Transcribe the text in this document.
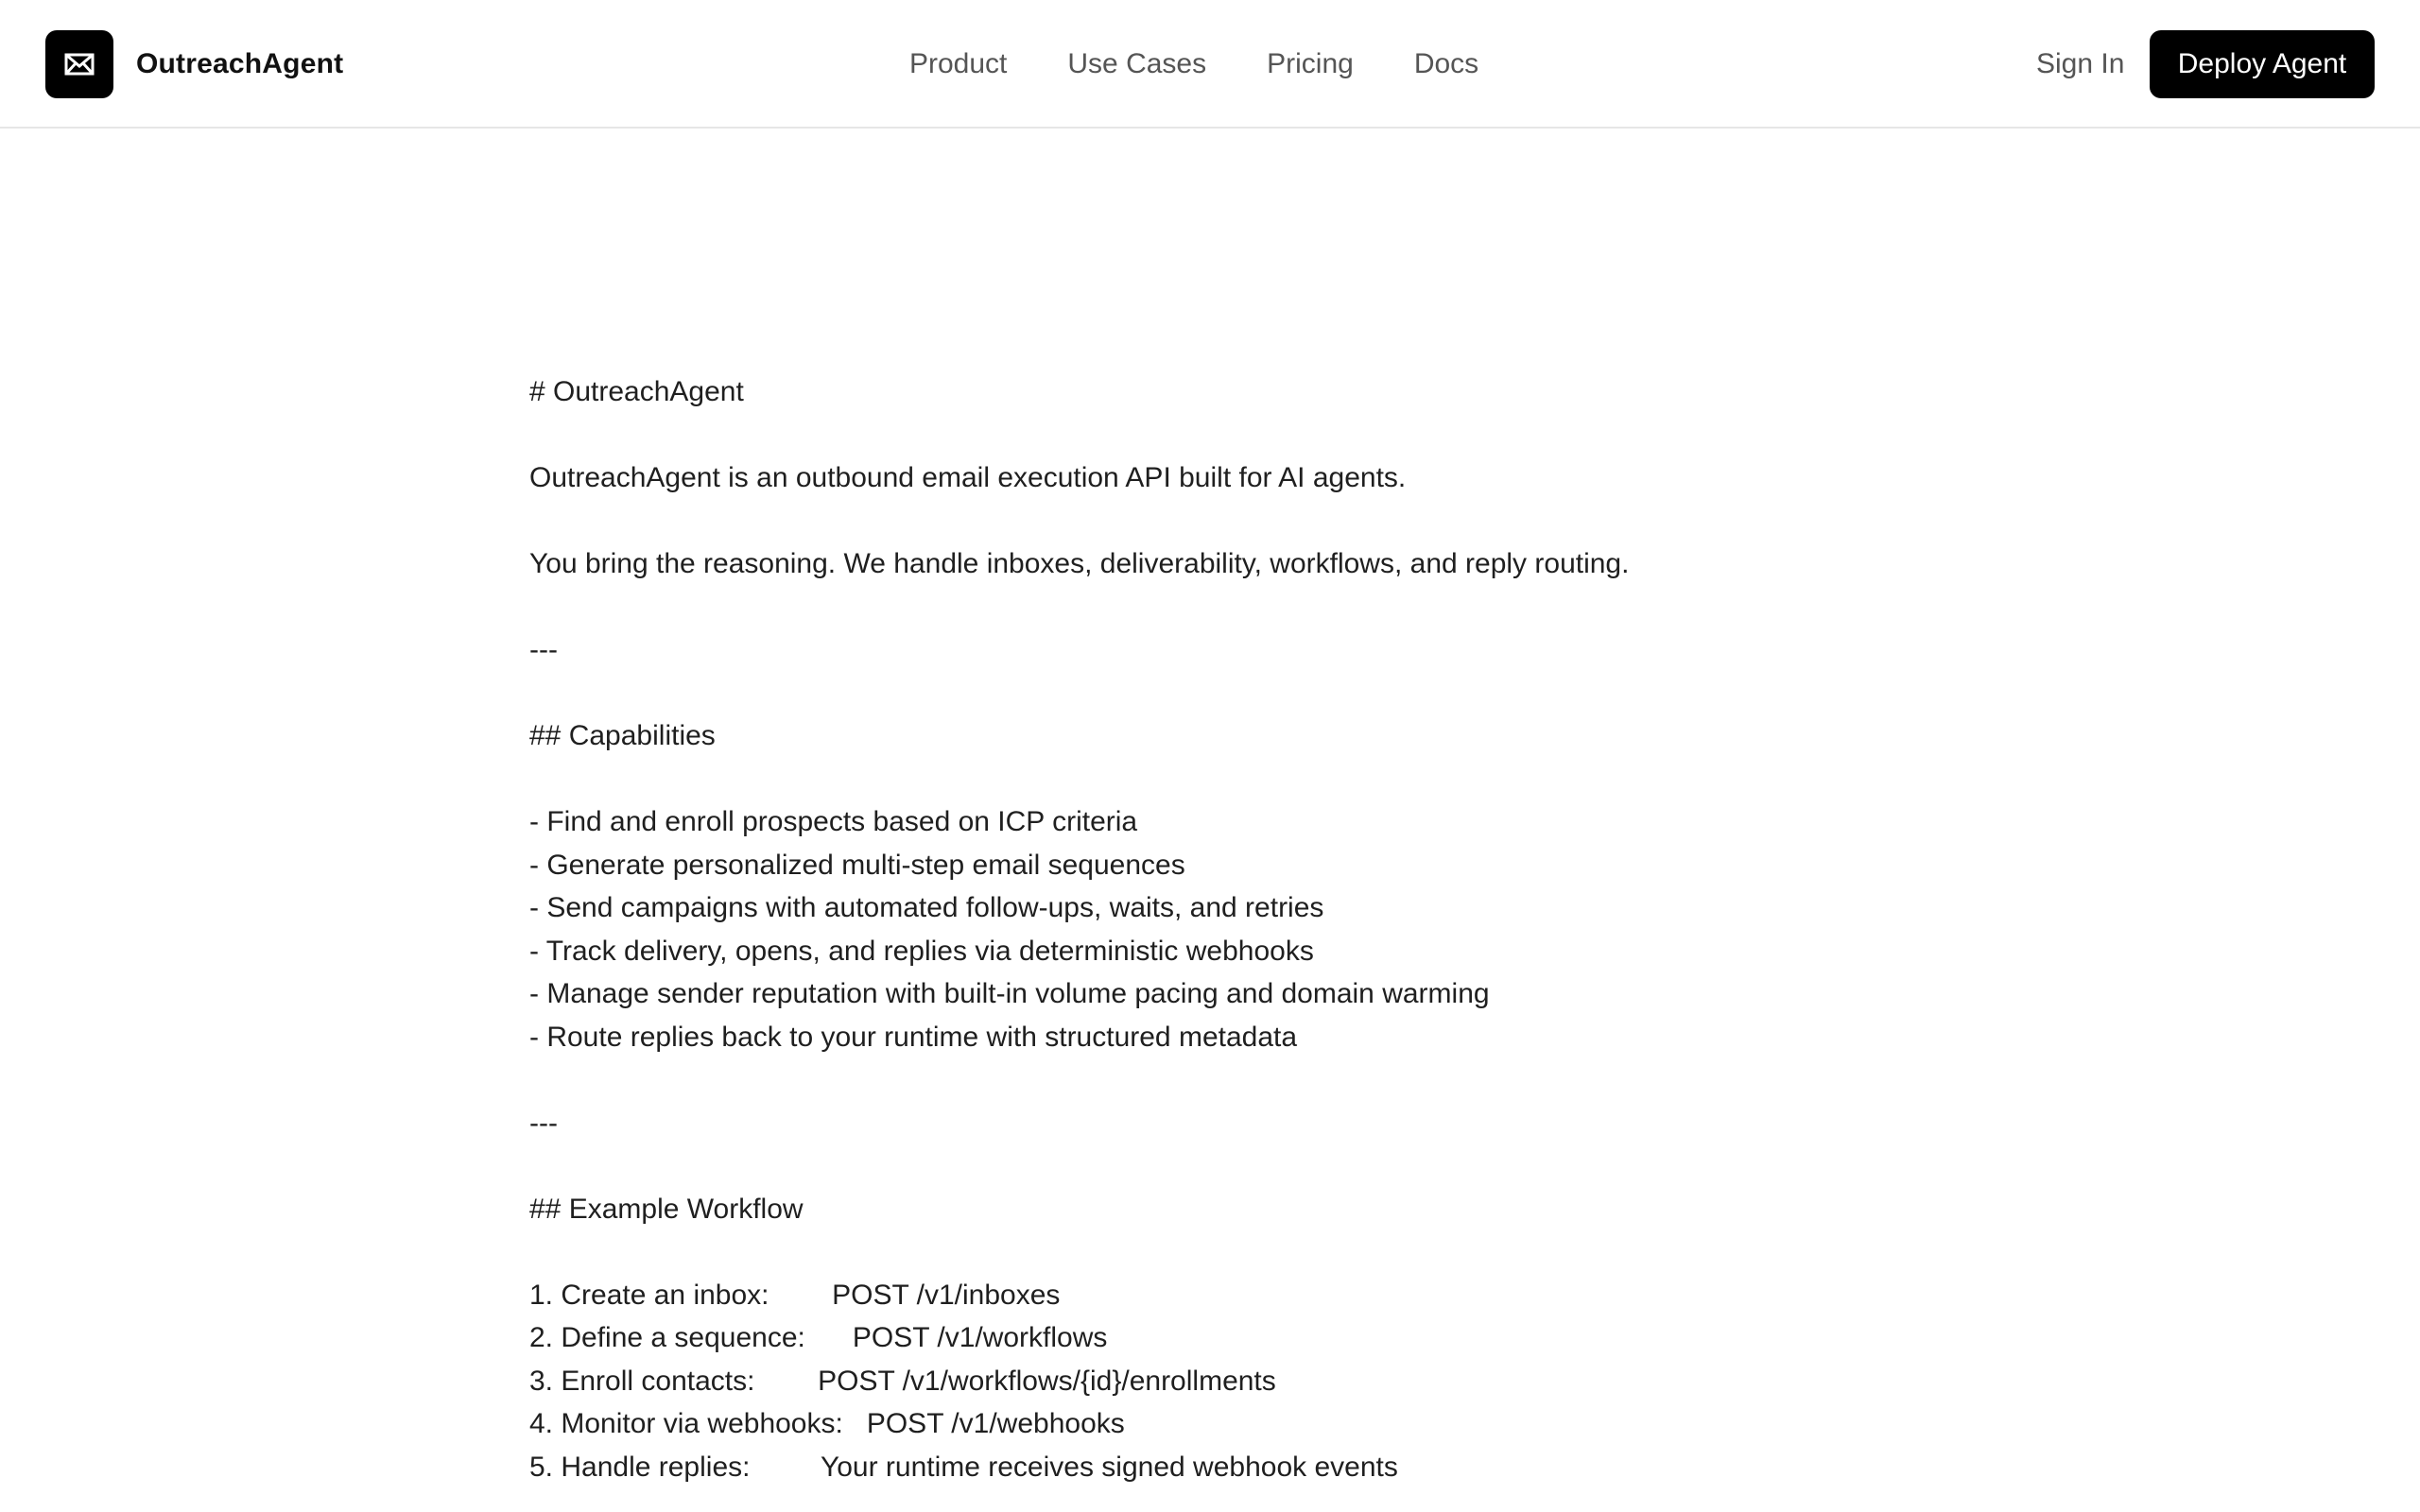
OutreachAgent	Product Use Cases Pricing Docs	Sign In	Deploy Agent
# OutreachAgent
OutreachAgent is an outbound email execution API built for AI agents.
You bring the reasoning. We handle inboxes, deliverability, workflows, and reply routing.
---
## Capabilities
- Find and enroll prospects based on ICP criteria
- Generate personalized multi-step email sequences
- Send campaigns with automated follow-ups, waits, and retries
- Track delivery, opens, and replies via deterministic webhooks
- Manage sender reputation with built-in volume pacing and domain warming
- Route replies back to your runtime with structured metadata
---
## Example Workflow
1. Create an inbox:        POST /v1/inboxes
2. Define a sequence:      POST /v1/workflows
3. Enroll contacts:        POST /v1/workflows/{id}/enrollments
4. Monitor via webhooks:   POST /v1/webhooks
5. Handle replies:         Your runtime receives signed webhook events
